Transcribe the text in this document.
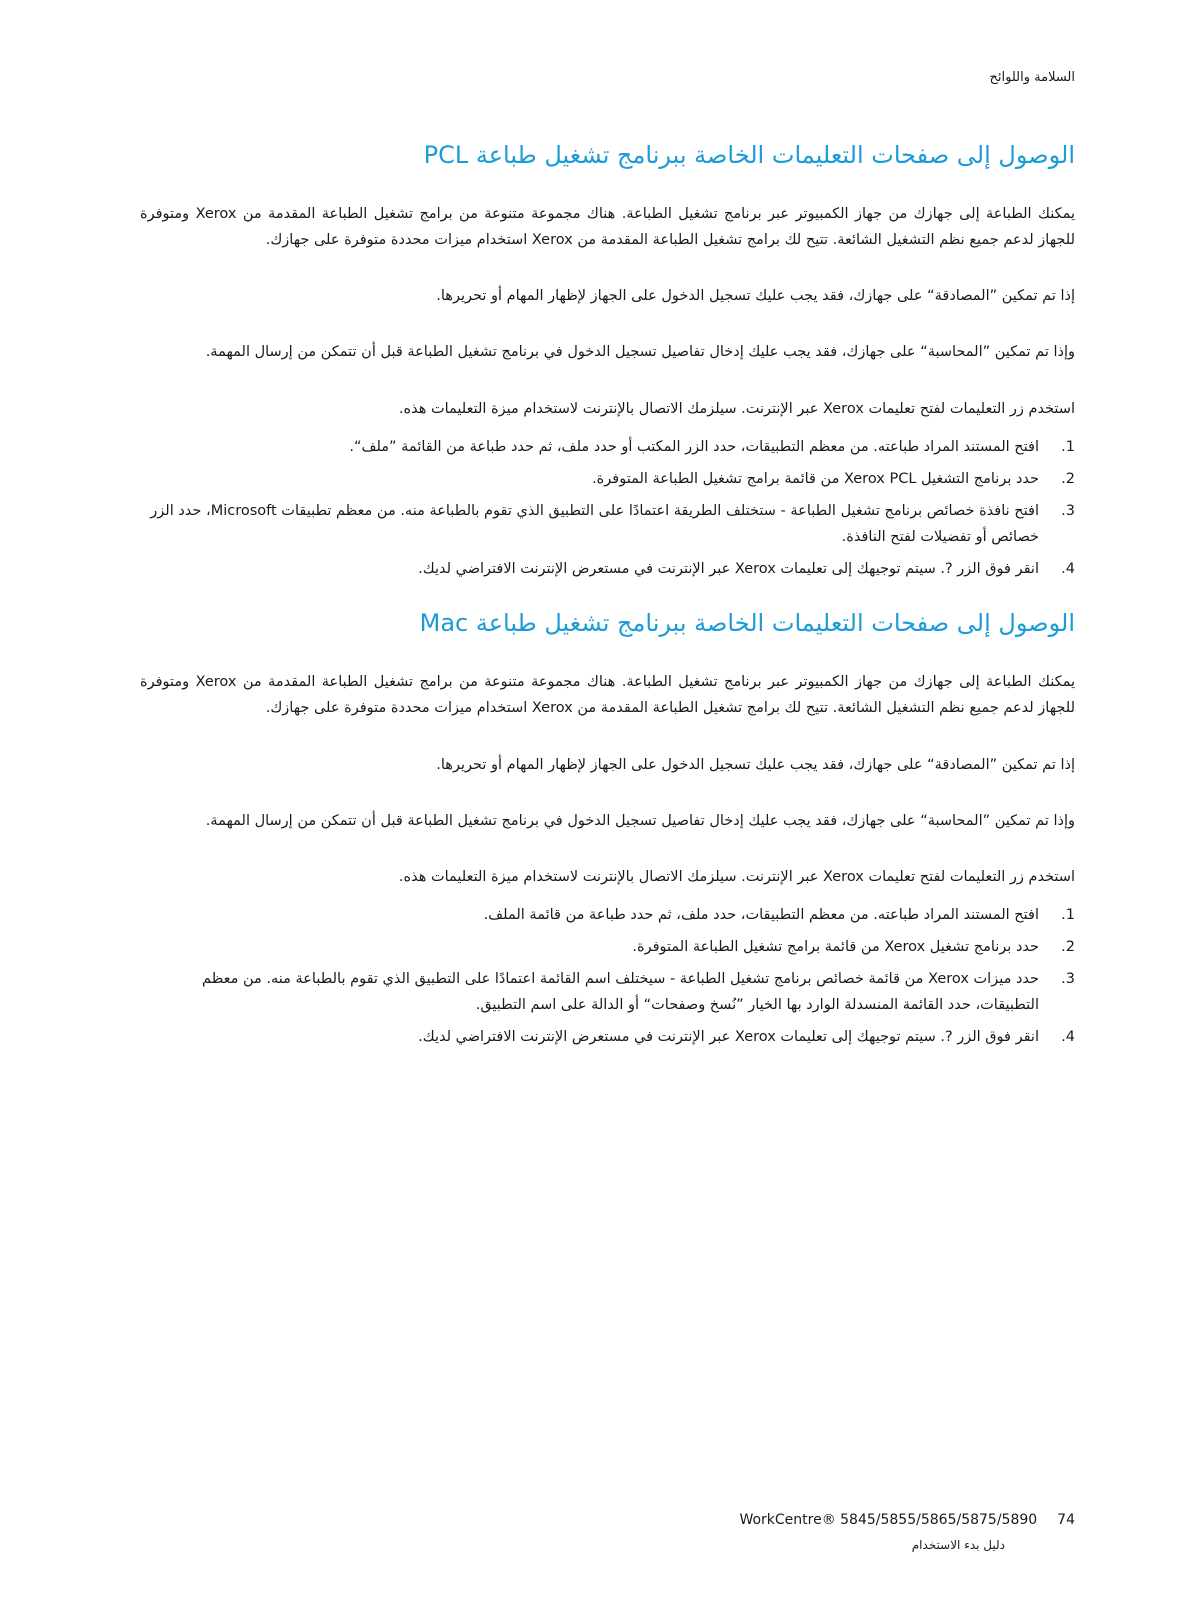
السلامة واللوائح
الوصول إلى صفحات التعليمات الخاصة ببرنامج تشغيل طباعة PCL

يمكنك الطباعة إلى جهازك من جهاز الكمبيوتر عبر برنامج تشغيل الطباعة. هناك مجموعة متنوعة من برامج تشغيل الطباعة المقدمة من Xerox ومتوفرة للجهاز لدعم جميع نظم التشغيل الشائعة. تتيح لك برامج تشغيل الطباعة المقدمة من Xerox استخدام ميزات محددة متوفرة على جهازك.

إذا تم تمكين ”المصادقة“ على جهازك، فقد يجب عليك تسجيل الدخول على الجهاز لإظهار المهام أو تحريرها.

وإذا تم تمكين ”المحاسبة“ على جهازك، فقد يجب عليك إدخال تفاصيل تسجيل الدخول في برنامج تشغيل الطباعة قبل أن تتمكن من إرسال المهمة.

استخدم زر التعليمات لفتح تعليمات Xerox عبر الإنترنت. سيلزمك الاتصال بالإنترنت لاستخدام ميزة التعليمات هذه.

1.
افتح المستند المراد طباعته. من معظم التطبيقات، حدد الزر المكتب أو حدد ملف، ثم حدد طباعة من القائمة ”ملف“.
2.
حدد برنامج التشغيل Xerox PCL من قائمة برامج تشغيل الطباعة المتوفرة.
3.
افتح نافذة خصائص برنامج تشغيل الطباعة - ستختلف الطريقة اعتمادًا على التطبيق الذي تقوم بالطباعة منه. من معظم تطبيقات Microsoft، حدد الزر خصائص أو تفضيلات لفتح النافذة.
4.
انقر فوق الزر ?. سيتم توجيهك إلى تعليمات Xerox عبر الإنترنت في مستعرض الإنترنت الافتراضي لديك.
الوصول إلى صفحات التعليمات الخاصة ببرنامج تشغيل طباعة Mac

يمكنك الطباعة إلى جهازك من جهاز الكمبيوتر عبر برنامج تشغيل الطباعة. هناك مجموعة متنوعة من برامج تشغيل الطباعة المقدمة من Xerox ومتوفرة للجهاز لدعم جميع نظم التشغيل الشائعة. تتيح لك برامج تشغيل الطباعة المقدمة من Xerox استخدام ميزات محددة متوفرة على جهازك.

إذا تم تمكين ”المصادقة“ على جهازك، فقد يجب عليك تسجيل الدخول على الجهاز لإظهار المهام أو تحريرها.

وإذا تم تمكين ”المحاسبة“ على جهازك، فقد يجب عليك إدخال تفاصيل تسجيل الدخول في برنامج تشغيل الطباعة قبل أن تتمكن من إرسال المهمة.

استخدم زر التعليمات لفتح تعليمات Xerox عبر الإنترنت. سيلزمك الاتصال بالإنترنت لاستخدام ميزة التعليمات هذه.

1.
افتح المستند المراد طباعته. من معظم التطبيقات، حدد ملف، ثم حدد طباعة من قائمة الملف.
2.
حدد برنامج تشغيل Xerox من قائمة برامج تشغيل الطباعة المتوفرة.
3.
حدد ميزات Xerox من قائمة خصائص برنامج تشغيل الطباعة - سيختلف اسم القائمة اعتمادًا على التطبيق الذي تقوم بالطباعة منه. من معظم التطبيقات، حدد القائمة المنسدلة الوارد بها الخيار ”نُسخ وصفحات“ أو الدالة على اسم التطبيق.
4.
انقر فوق الزر ?. سيتم توجيهك إلى تعليمات Xerox عبر الإنترنت في مستعرض الإنترنت الافتراضي لديك.
WorkCentre® 5845/5855/5865/5875/5890 74
دليل بدء الاستخدام
